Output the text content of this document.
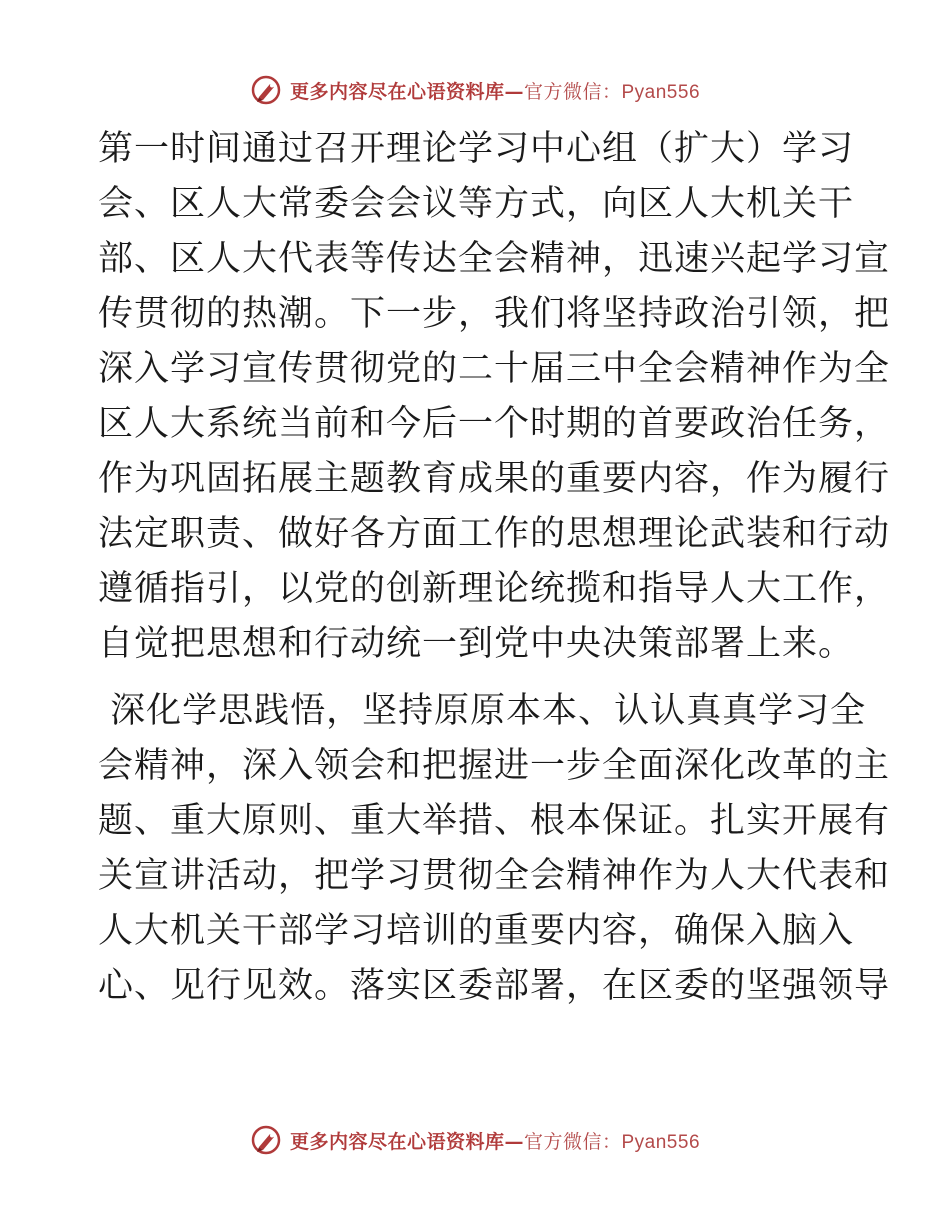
更多内容尽在心语资料库—官方微信：Pyan556
第一时间通过召开理论学习中心组（扩大）学习
会、区人大常委会会议等方式，向区人大机关干
部、区人大代表等传达全会精神，迅速兴起学习宣
传贯彻的热潮。下一步，我们将坚持政治引领，把
深入学习宣传贯彻党的二十届三中全会精神作为全
区人大系统当前和今后一个时期的首要政治任务，
作为巩固拓展主题教育成果的重要内容，作为履行
法定职责、做好各方面工作的思想理论武装和行动
遵循指引，以党的创新理论统揽和指导人大工作，
自觉把思想和行动统一到党中央决策部署上来。
深化学思践悟，坚持原原本本、认认真真学习全
会精神，深入领会和把握进一步全面深化改革的主
题、重大原则、重大举措、根本保证。扎实开展有
关宣讲活动，把学习贯彻全会精神作为人大代表和
人大机关干部学习培训的重要内容，确保入脑入
心、见行见效。落实区委部署，在区委的坚强领导
更多内容尽在心语资料库—官方微信：Pyan556
